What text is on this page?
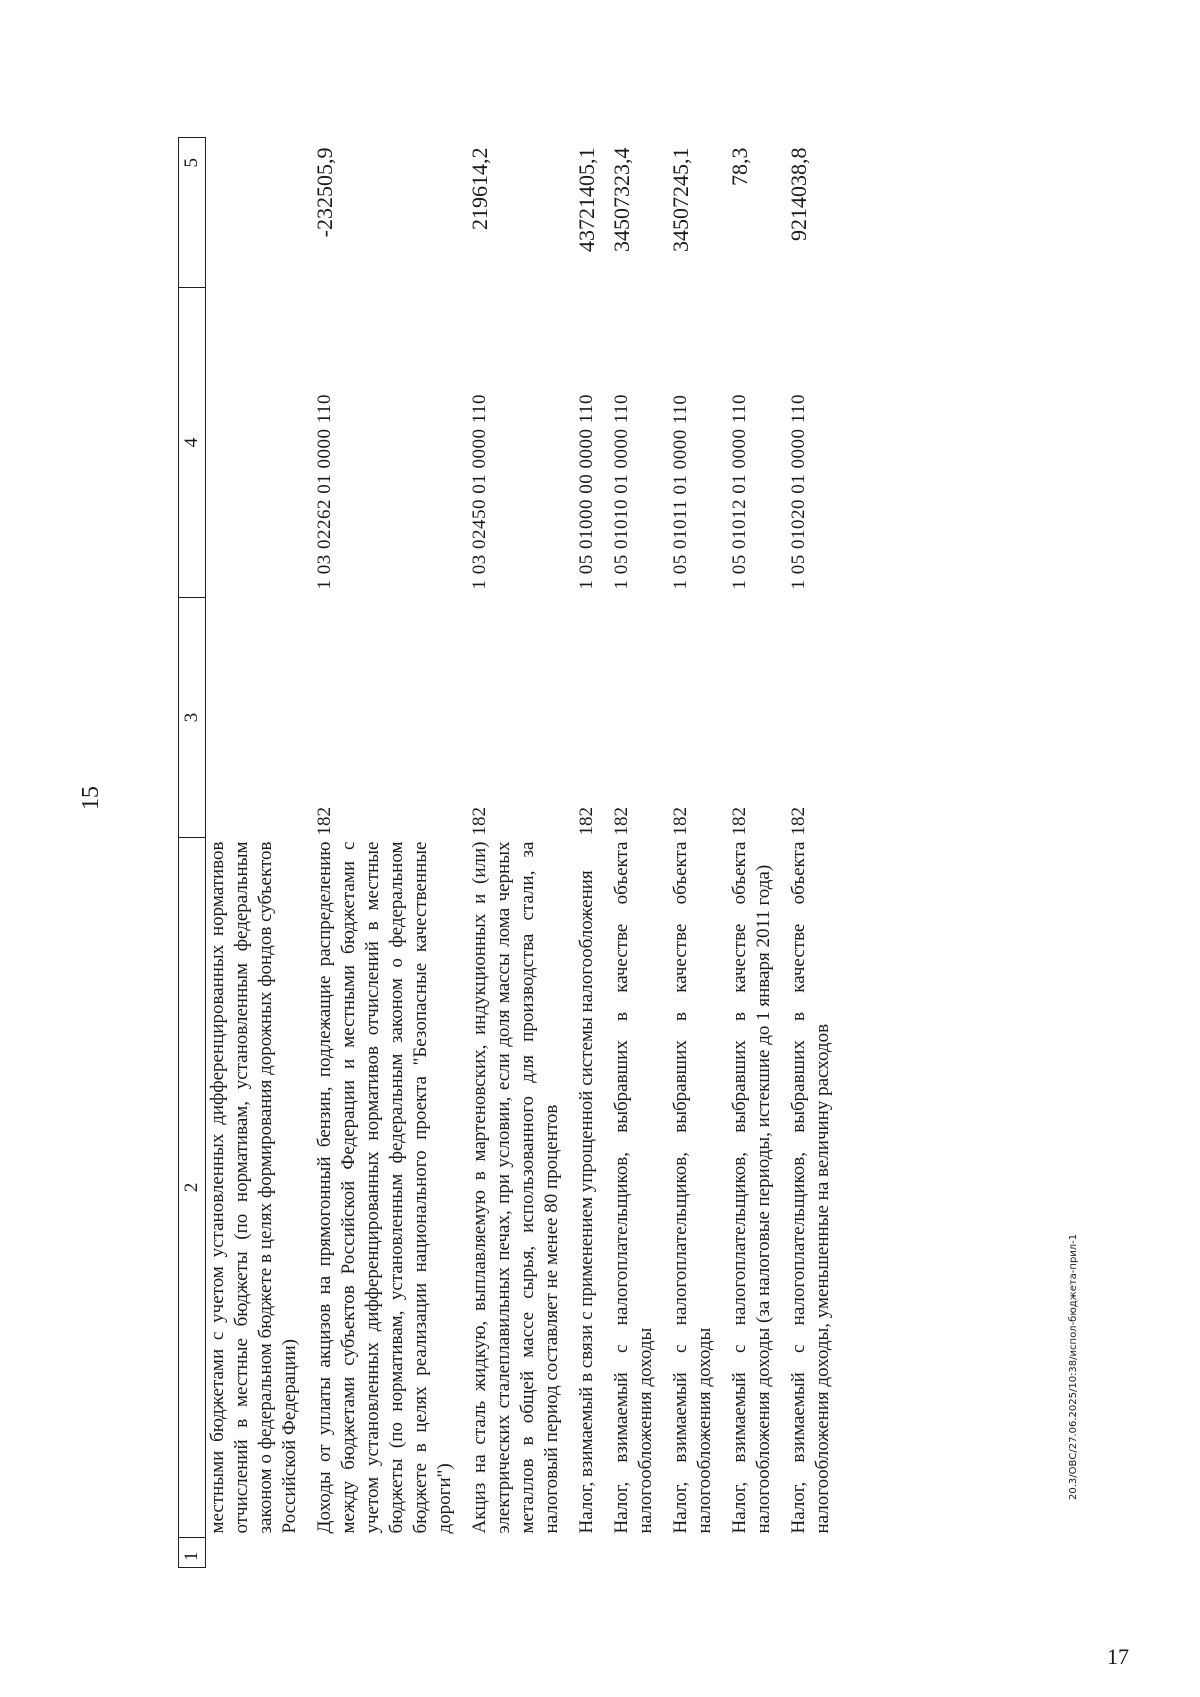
15
1	2	3	4	5
	местными бюджетами с учетом установленных дифференцированных нормативов отчислений в местные бюджеты (по нормативам, установленным федеральным законом о федеральном бюджете в целях формирования дорожных фондов субъектов Российской Федерации)			
	Доходы от уплаты акцизов на прямогонный бензин, подлежащие распределению между бюджетами субъектов Российской Федерации и местными бюджетами с учетом установленных дифференцированных нормативов отчислений в местные бюджеты (по нормативам, установленным федеральным законом о федеральном бюджете в целях реализации национального проекта "Безопасные качественные дороги")	182	1 03 02262 01 0000 110	-232505,9
	Акциз на сталь жидкую, выплавляемую в мартеновских, индукционных и (или) электрических сталеплавильных печах, при условии, если доля массы лома черных металлов в общей массе сырья, использованного для производства стали, за налоговый период составляет не менее 80 процентов	182	1 03 02450 01 0000 110	219614,2
	Налог, взимаемый в связи с применением упрощенной системы налогообложения	182	1 05 01000 00 0000 110	43721405,1
	Налог, взимаемый с налогоплательщиков, выбравших в качестве объекта налогообложения доходы	182	1 05 01010 01 0000 110	34507323,4
	Налог, взимаемый с налогоплательщиков, выбравших в качестве объекта налогообложения доходы	182	1 05 01011 01 0000 110	34507245,1
	Налог, взимаемый с налогоплательщиков, выбравших в качестве объекта налогообложения доходы (за налоговые периоды, истекшие до 1 января 2011 года)	182	1 05 01012 01 0000 110	78,3
	Налог, взимаемый с налогоплательщиков, выбравших в качестве объекта налогообложения доходы, уменьшенные на величину расходов	182	1 05 01020 01 0000 110	9214038,8
20.3/ОВС/27.06.2025/10:38/испол-бюджета-прил-1
17
